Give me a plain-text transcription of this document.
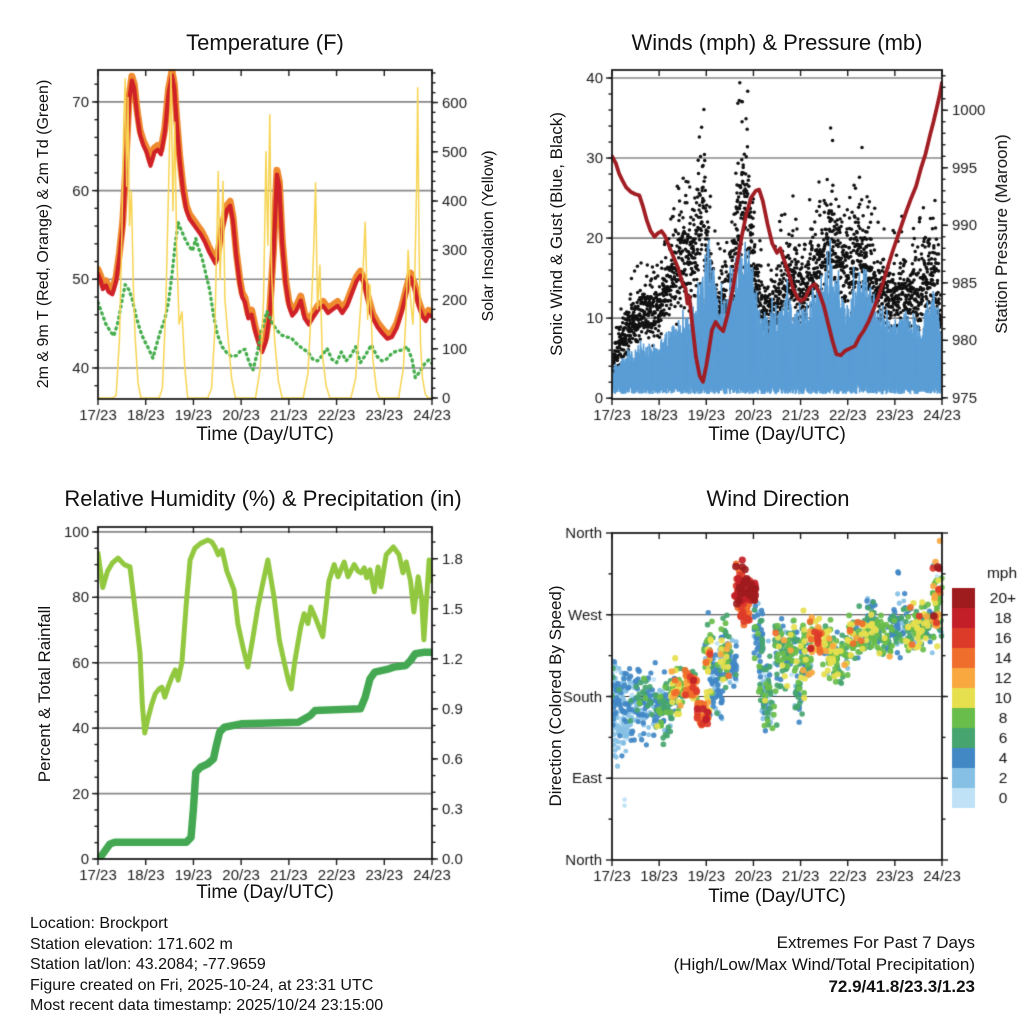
Temperature (F)	Winds (mph) & Pressure (mb)
Relative Humidity (%) & Precipitation (in)	Wind Direction
Time (Day/UTC)	Time (Day/UTC)
Time (Day/UTC)	Time (Day/UTC)
2m & 9m T (Red, Orange) & 2m Td (Green)	Solar Insolation (Yellow)	Sonic Wind & Gust (Blue, Black)	Station Pressure (Maroon)
Percent & Total Rainfall	Direction (Colored By Speed)
Location: Brockport
Station elevation: 171.602 m
Station lat/lon: 43.2084; -77.9659
Figure created on Fri, 2025-10-24, at 23:31 UTC
Most recent data timestamp: 2025/10/24 23:15:00
Extremes For Past 7 Days
(High/Low/Max Wind/Total Precipitation)
72.9/41.8/23.3/1.23
